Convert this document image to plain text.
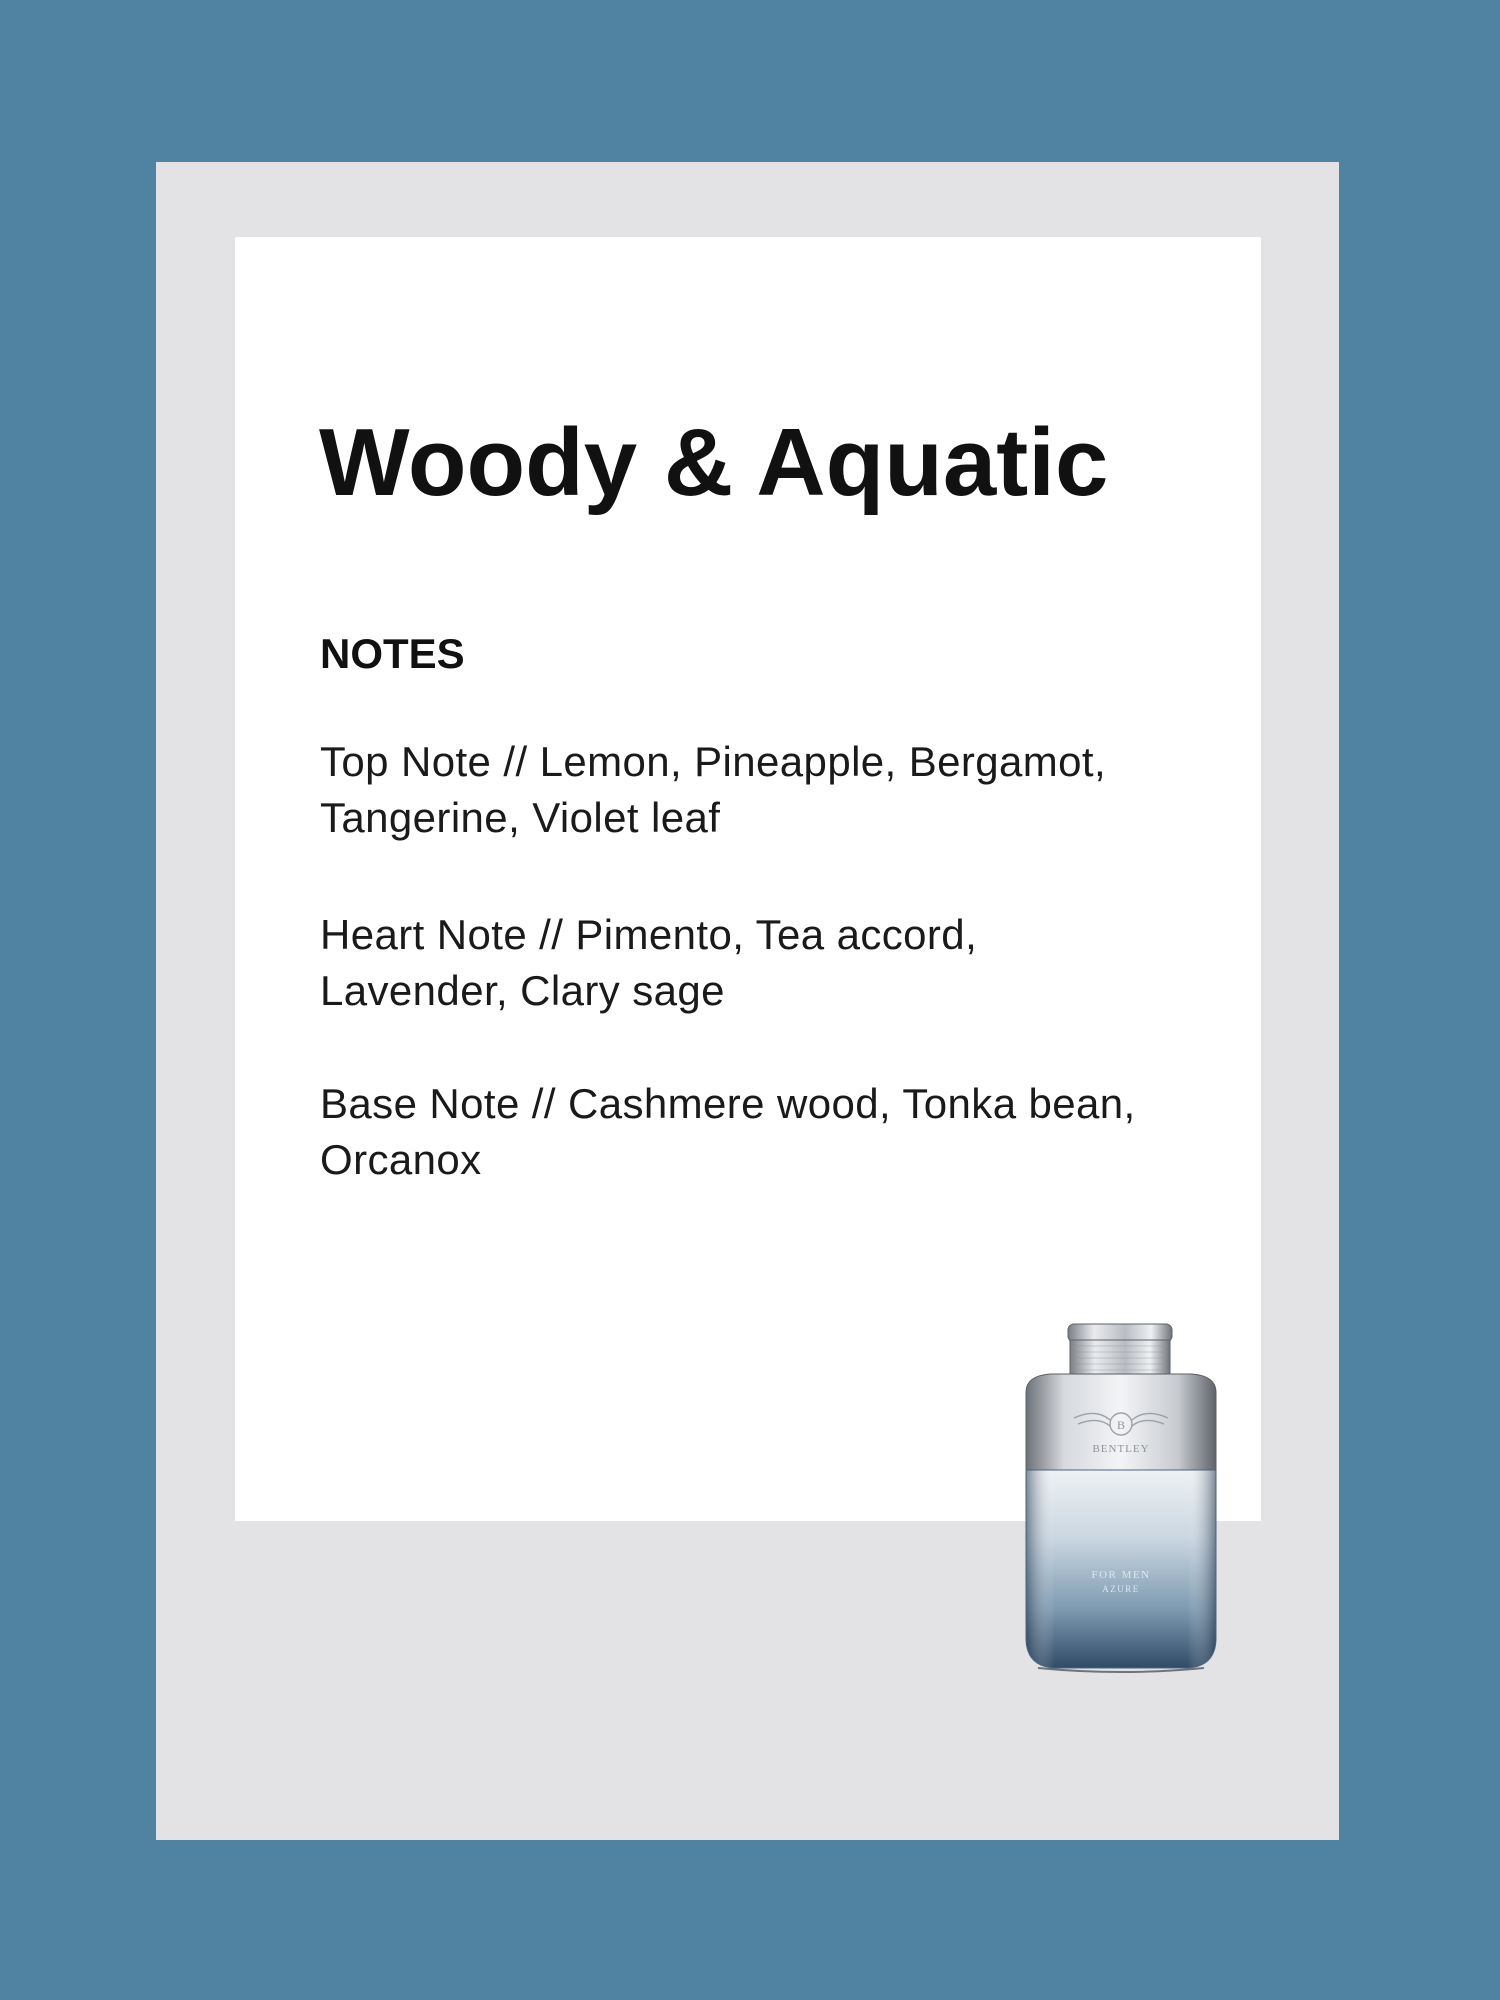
Woody & Aquatic
NOTES

Top Note // Lemon, Pineapple, Bergamot,
Tangerine, Violet leaf

Heart Note // Pimento, Tea accord,
Lavender, Clary sage

Base Note // Cashmere wood, Tonka bean,
Orcanox

B
BENTLEY
FOR MEN
AZURE
